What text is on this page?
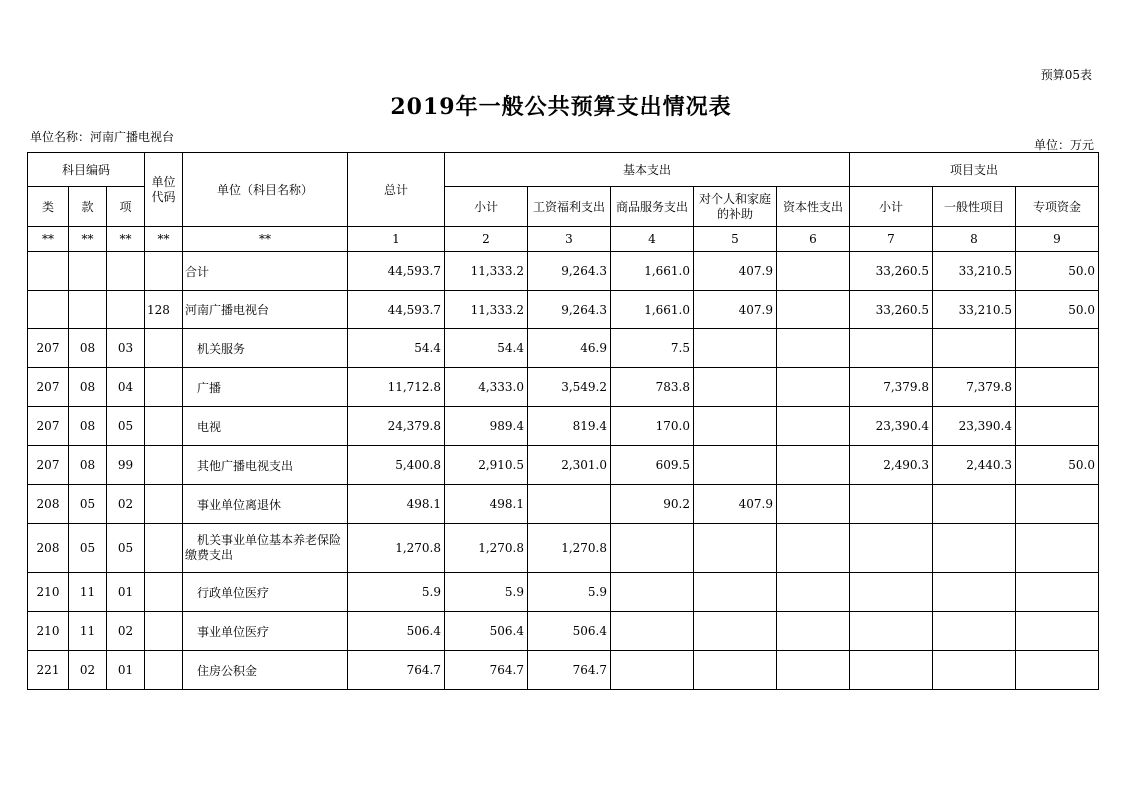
预算05表
2019年一般公共预算支出情况表
单位名称：河南广播电视台
单位：万元
科目编码			单位代码	单位（科目名称）	总计	基本支出					项目支出		
类	款	项				小计	工资福利支出	商品服务支出	对个人和家庭的补助	资本性支出	小计	一般性项目	专项资金
**	**	**	**	**	1	2	3	4	5	6	7	8	9
				合计	44,593.7	11,333.2	9,264.3	1,661.0	407.9		33,260.5	33,210.5	50.0
			128	河南广播电视台	44,593.7	11,333.2	9,264.3	1,661.0	407.9		33,260.5	33,210.5	50.0
207	08	03		机关服务	54.4	54.4	46.9	7.5					
207	08	04		广播	11,712.8	4,333.0	3,549.2	783.8			7,379.8	7,379.8	
207	08	05		电视	24,379.8	989.4	819.4	170.0			23,390.4	23,390.4	
207	08	99		其他广播电视支出	5,400.8	2,910.5	2,301.0	609.5			2,490.3	2,440.3	50.0
208	05	02		事业单位离退休	498.1	498.1		90.2	407.9				
208	05	05		机关事业单位基本养老保险缴费支出	1,270.8	1,270.8	1,270.8						
210	11	01		行政单位医疗	5.9	5.9	5.9						
210	11	02		事业单位医疗	506.4	506.4	506.4						
221	02	01		住房公积金	764.7	764.7	764.7						
